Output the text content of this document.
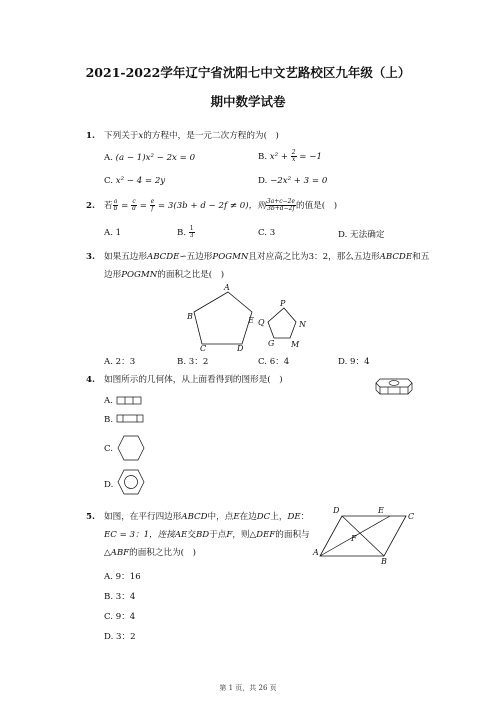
2021-2022学年辽宁省沈阳七中文艺路校区九年级（上）
期中数学试卷
1. 下列关于x的方程中，是一元二次方程的为(　)
A. (a − 1)x² − 2x = 0	B. $x^2 + \frac{2}{x} = -1$
C. x² − 4 = 2y	D. −2x² + 3 = 0
2. 若 $\frac{a}{b} = \frac{c}{d} = \frac{e}{f} = 3(3b + d - 2f \ne 0)$，则 $\frac{3a+c-2e}{3b+d-2f}$ 的值是(　)
A. 1	B. $\frac{1}{3}$	C. 3	D. 无法确定
3. 如果五边形ABCDE∽五边形POGMN且对应高之比为3：2，那么五边形ABCDE和五
边形POGMN的面积之比是(　)
A
B
C	D
E
P
Q	N
G M
A. 2：3	B. 3：2	C. 6：4	D. 9：4
4. 如图所示的几何体，从上面看得到的图形是(　)
A.
B.
C.
D.
5. 如图，在平行四边形ABCD中，点E在边DC上，DE：
EC = 3：1，连接AE交BD于点F，则△DEF的面积与
△ABF的面积之比为(　)
D	E
C
F
A
B
A. 9：16
B. 3：4
C. 9：4
D. 3：2
第 1 页，共 26 页
